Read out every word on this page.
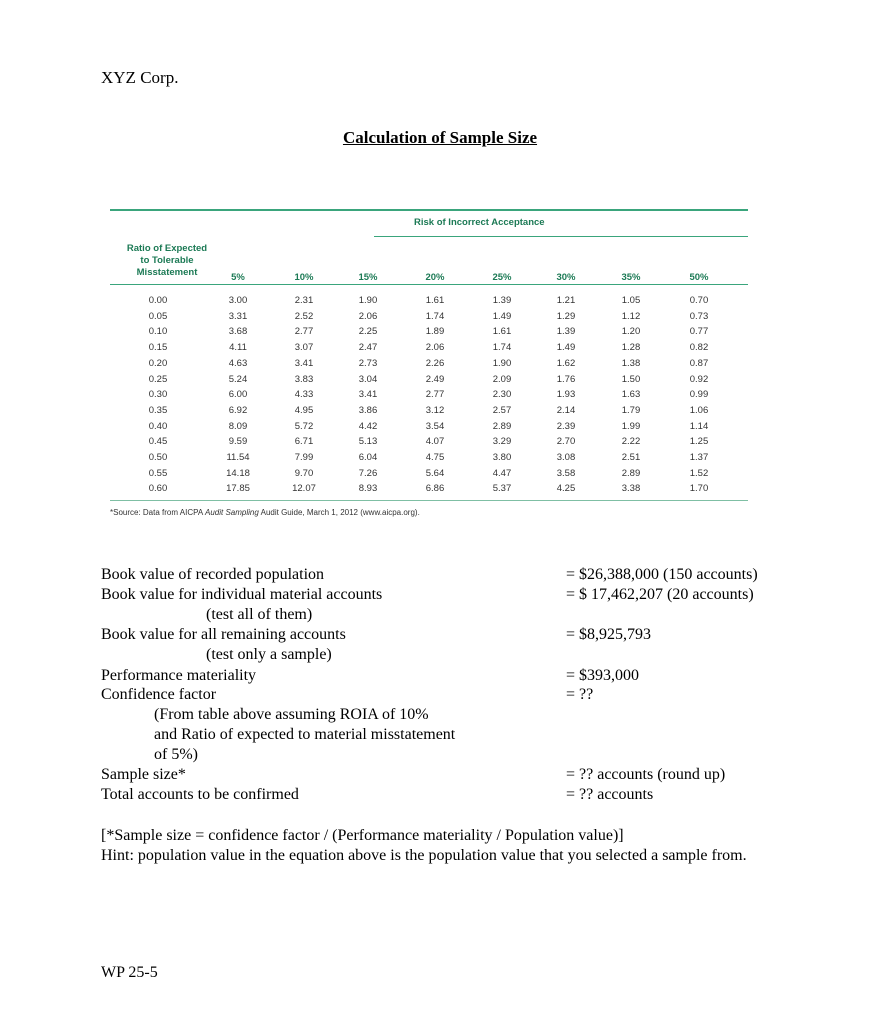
XYZ Corp.
Calculation of Sample Size
Risk of Incorrect Acceptance
Ratio of Expected
to Tolerable
Misstatement	5%	10%	15%	20%	25%	30%	35%	50%
0.00	3.00	2.31	1.90	1.61	1.39	1.21	1.05	0.70
0.05	3.31	2.52	2.06	1.74	1.49	1.29	1.12	0.73
0.10	3.68	2.77	2.25	1.89	1.61	1.39	1.20	0.77
0.15	4.11	3.07	2.47	2.06	1.74	1.49	1.28	0.82
0.20	4.63	3.41	2.73	2.26	1.90	1.62	1.38	0.87
0.25	5.24	3.83	3.04	2.49	2.09	1.76	1.50	0.92
0.30	6.00	4.33	3.41	2.77	2.30	1.93	1.63	0.99
0.35	6.92	4.95	3.86	3.12	2.57	2.14	1.79	1.06
0.40	8.09	5.72	4.42	3.54	2.89	2.39	1.99	1.14
0.45	9.59	6.71	5.13	4.07	3.29	2.70	2.22	1.25
0.50	11.54	7.99	6.04	4.75	3.80	3.08	2.51	1.37
0.55	14.18	9.70	7.26	5.64	4.47	3.58	2.89	1.52
0.60	17.85	12.07	8.93	6.86	5.37	4.25	3.38	1.70
*Source: Data from AICPA Audit Sampling Audit Guide, March 1, 2012 (www.aicpa.org).
Book value of recorded population	= $26,388,000 (150 accounts)
Book value for individual material accounts	= $ 17,462,207 (20 accounts)
(test all of them)
Book value for all remaining accounts	= $8,925,793
(test only a sample)
Performance materiality	= $393,000
Confidence factor	= ??
(From table above assuming ROIA of 10%
and Ratio of expected to material misstatement
of 5%)
Sample size*	= ?? accounts (round up)
Total accounts to be confirmed	= ?? accounts
[*Sample size = confidence factor / (Performance materiality / Population value)]
Hint: population value in the equation above is the population value that you selected a sample from.
WP 25-5
